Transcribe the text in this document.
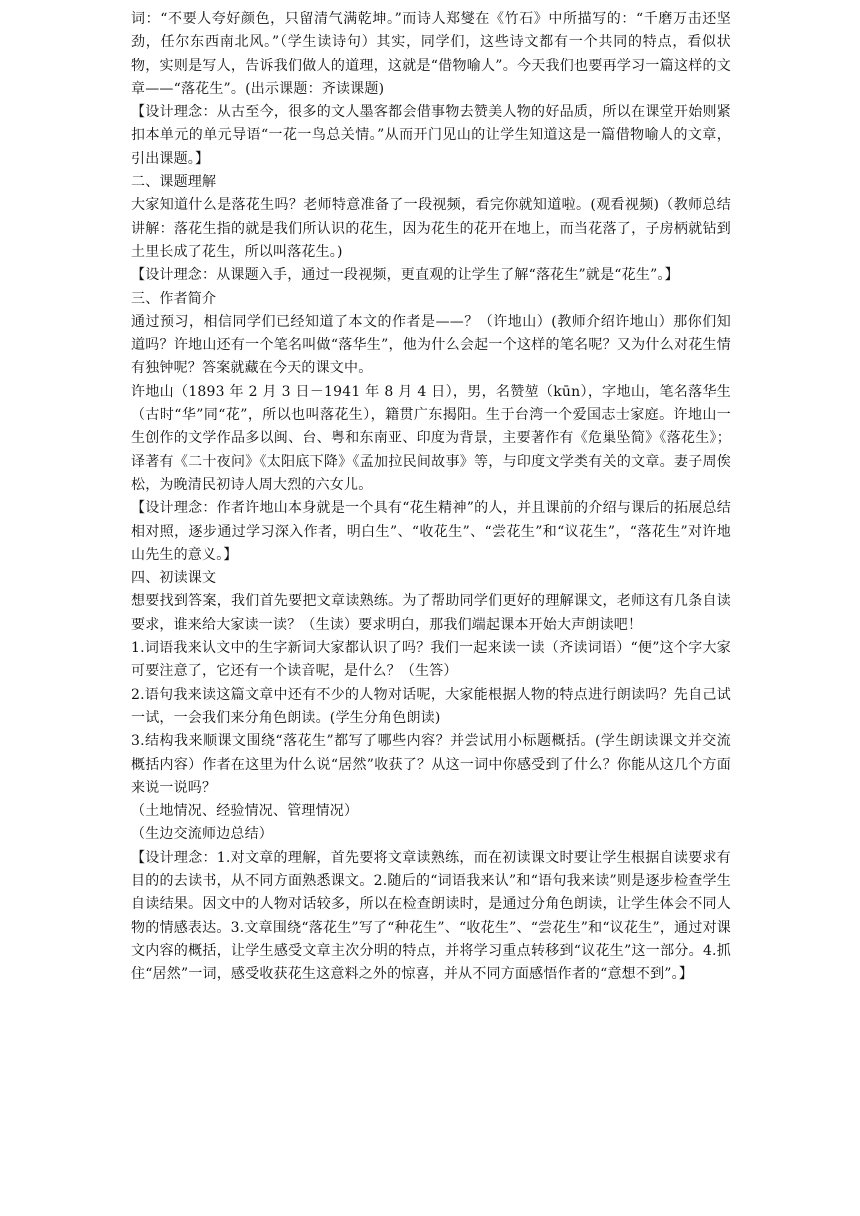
词：“不要人夸好颜色，只留清气满乾坤。”而诗人郑燮在《竹石》中所描写的：“千磨万击还坚劲，任尔东西南北风。”（学生读诗句）其实，同学们，这些诗文都有一个共同的特点，看似状物，实则是写人，告诉我们做人的道理，这就是“借物喻人”。今天我们也要再学习一篇这样的文章——“落花生”。(出示课题：齐读课题)

【设计理念：从古至今，很多的文人墨客都会借事物去赞美人物的好品质，所以在课堂开始则紧扣本单元的单元导语“一花一鸟总关情。”从而开门见山的让学生知道这是一篇借物喻人的文章，引出课题。】

二、课题理解

大家知道什么是落花生吗？老师特意准备了一段视频，看完你就知道啦。(观看视频)（教师总结讲解：落花生指的就是我们所认识的花生，因为花生的花开在地上，而当花落了，子房柄就钻到土里长成了花生，所以叫落花生。)

【设计理念：从课题入手，通过一段视频，更直观的让学生了解“落花生”就是“花生”。】

三、作者简介

通过预习，相信同学们已经知道了本文的作者是——？（许地山）(教师介绍许地山）那你们知道吗？许地山还有一个笔名叫做“落华生”，他为什么会起一个这样的笔名呢？又为什么对花生情有独钟呢？答案就藏在今天的课文中。

许地山（1893 年 2 月 3 日－1941 年 8 月 4 日），男，名赞堃（kūn），字地山，笔名落华生（古时“华”同“花”，所以也叫落花生），籍贯广东揭阳。生于台湾一个爱国志士家庭。许地山一生创作的文学作品多以闽、台、粤和东南亚、印度为背景，主要著作有《危巢坠简》《落花生》；译著有《二十夜问》《太阳底下降》《孟加拉民间故事》等，与印度文学类有关的文章。妻子周俟松，为晚清民初诗人周大烈的六女儿。

【设计理念：作者许地山本身就是一个具有“花生精神”的人，并且课前的介绍与课后的拓展总结相对照，逐步通过学习深入作者，明白生”、“收花生”、“尝花生”和“议花生”，“落花生”对许地山先生的意义。】

四、初读课文

想要找到答案，我们首先要把文章读熟练。为了帮助同学们更好的理解课文，老师这有几条自读要求，谁来给大家读一读？（生读）要求明白，那我们端起课本开始大声朗读吧！

1.词语我来认文中的生字新词大家都认识了吗？我们一起来读一读（齐读词语）“便”这个字大家可要注意了，它还有一个读音呢，是什么？（生答）

2.语句我来读这篇文章中还有不少的人物对话呢，大家能根据人物的特点进行朗读吗？先自己试一试，一会我们来分角色朗读。(学生分角色朗读)

3.结构我来顺课文围绕“落花生”都写了哪些内容？并尝试用小标题概括。(学生朗读课文并交流概括内容）作者在这里为什么说“居然”收获了？从这一词中你感受到了什么？你能从这几个方面来说一说吗？

（土地情况、经验情况、管理情况）

（生边交流师边总结）

【设计理念：1.对文章的理解，首先要将文章读熟练，而在初读课文时要让学生根据自读要求有目的的去读书，从不同方面熟悉课文。2.随后的“词语我来认”和“语句我来读”则是逐步检查学生自读结果。因文中的人物对话较多，所以在检查朗读时，是通过分角色朗读，让学生体会不同人物的情感表达。3.文章围绕“落花生”写了“种花生”、“收花生”、“尝花生”和“议花生”，通过对课文内容的概括，让学生感受文章主次分明的特点，并将学习重点转移到“议花生”这一部分。4.抓住“居然”一词，感受收获花生这意料之外的惊喜，并从不同方面感悟作者的“意想不到”。】
